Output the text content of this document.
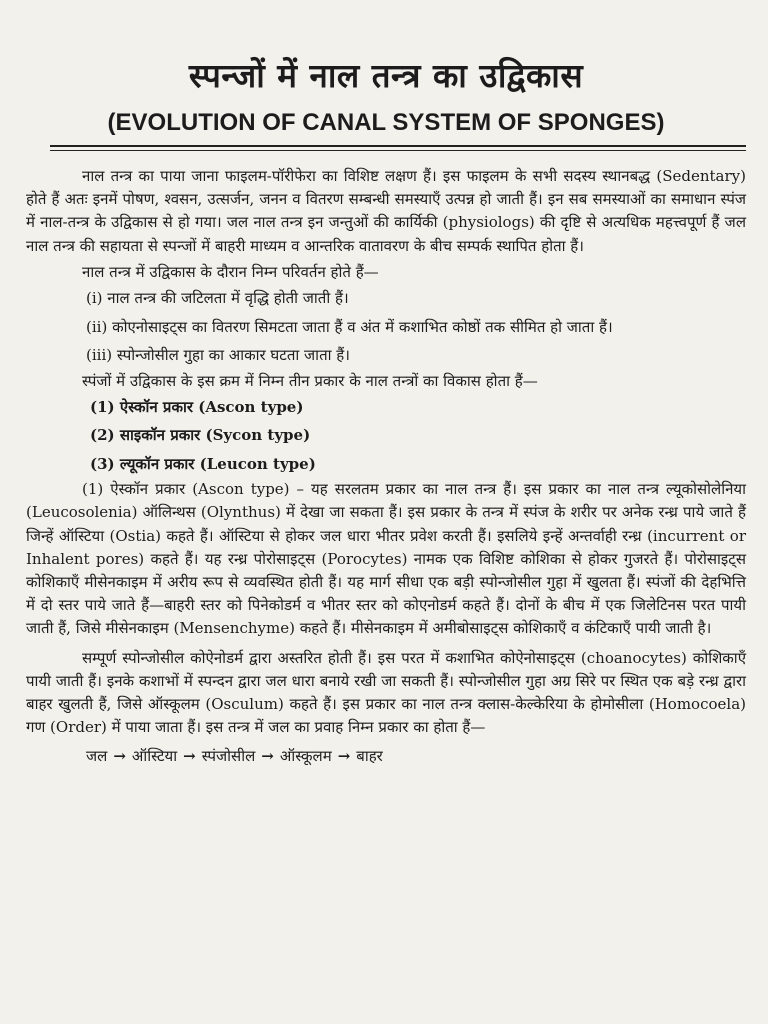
स्पन्जों में नाल तन्त्र का उद्विकास
(EVOLUTION OF CANAL SYSTEM OF SPONGES)

नाल तन्त्र का पाया जाना फाइलम-पॉरीफेरा का विशिष्ट लक्षण हैं। इस फाइलम के सभी सदस्य स्थानबद्ध (Sedentary) होते हैं अतः इनमें पोषण, श्वसन, उत्सर्जन, जनन व वितरण सम्बन्धी समस्याएँ उत्पन्न हो जाती हैं। इन सब समस्याओं का समाधान स्पंज में नाल-तन्त्र के उद्विकास से हो गया। जल नाल तन्त्र इन जन्तुओं की कार्यिकी (physiologs) की दृष्टि से अत्यधिक महत्त्वपूर्ण हैं जल नाल तन्त्र की सहायता से स्पन्जों में बाहरी माध्यम व आन्तरिक वातावरण के बीच सम्पर्क स्थापित होता हैं।

नाल तन्त्र में उद्विकास के दौरान निम्न परिवर्तन होते हैं—

(i) नाल तन्त्र की जटिलता में वृद्धि होती जाती हैं।
(ii) कोएनोसाइट्स का वितरण सिमटता जाता हैं व अंत में कशाभित कोष्ठों तक सीमित हो जाता हैं।
(iii) स्पोन्जोसील गुहा का आकार घटता जाता हैं।

स्पंजों में उद्विकास के इस क्रम में निम्न तीन प्रकार के नाल तन्त्रों का विकास होता हैं—

(1) ऐस्कॉन प्रकार (Ascon type)
(2) साइकॉन प्रकार (Sycon type)
(3) ल्यूकॉन प्रकार (Leucon type)

(1) ऐस्कॉन प्रकार (Ascon type) – यह सरलतम प्रकार का नाल तन्त्र हैं। इस प्रकार का नाल तन्त्र ल्यूकोसोलेनिया (Leucosolenia) ऑलिन्थस (Olynthus) में देखा जा सकता हैं। इस प्रकार के तन्त्र में स्पंज के शरीर पर अनेक रन्ध्र पाये जाते हैं जिन्हें ऑस्टिया (Ostia) कहते हैं। ऑस्टिया से होकर जल धारा भीतर प्रवेश करती हैं। इसलिये इन्हें अन्तर्वाही रन्ध्र (incurrent or Inhalent pores) कहते हैं। यह रन्ध्र पोरोसाइट्स (Porocytes) नामक एक विशिष्ट कोशिका से होकर गुजरते हैं। पोरोसाइट्स कोशिकाएँ मीसेनकाइम में अरीय रूप से व्यवस्थित होती हैं। यह मार्ग सीधा एक बड़ी स्पोन्जोसील गुहा में खुलता हैं। स्पंजों की देहभित्ति में दो स्तर पाये जाते हैं—बाहरी स्तर को पिनेकोडर्म व भीतर स्तर को कोएनोडर्म कहते हैं। दोनों के बीच में एक जिलेटिनस परत पायी जाती हैं, जिसे मीसेनकाइम (Mensenchyme) कहते हैं। मीसेनकाइम में अमीबोसाइट्स कोशिकाएँ व कंटिकाएँ पायी जाती है।

सम्पूर्ण स्पोन्जोसील कोऐनोडर्म द्वारा अस्तरित होती हैं। इस परत में कशाभित कोऐनोसाइट्स (choanocytes) कोशिकाएँ पायी जाती हैं। इनके कशाभों में स्पन्दन द्वारा जल धारा बनाये रखी जा सकती हैं। स्पोन्जोसील गुहा अग्र सिरे पर स्थित एक बड़े रन्ध्र द्वारा बाहर खुलती हैं, जिसे ऑस्कूलम (Osculum) कहते हैं। इस प्रकार का नाल तन्त्र क्लास-केल्केरिया के होमोसीला (Homocoela) गण (Order) में पाया जाता हैं। इस तन्त्र में जल का प्रवाह निम्न प्रकार का होता हैं—

जल → ऑस्टिया → स्पंजोसील → ऑस्कूलम → बाहर
